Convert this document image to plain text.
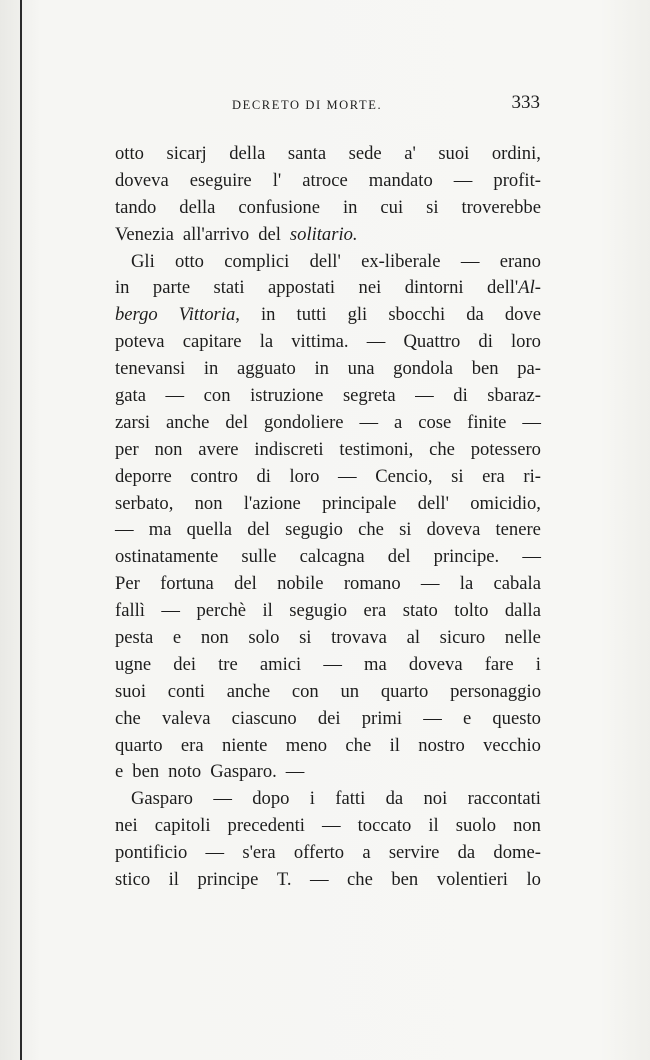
DECRETO DI MORTE.	333
otto sicarj della santa sede a' suoi ordini,
doveva eseguire l' atroce mandato — profit-
tando della confusione in cui si troverebbe
Venezia all'arrivo del solitario.
Gli otto complici dell' ex-liberale — erano
in parte stati appostati nei dintorni dell'Al-
bergo Vittoria, in tutti gli sbocchi da dove
poteva capitare la vittima. — Quattro di loro
tenevansi in agguato in una gondola ben pa-
gata — con istruzione segreta — di sbaraz-
zarsi anche del gondoliere — a cose finite —
per non avere indiscreti testimoni, che potessero
deporre contro di loro — Cencio, si era ri-
serbato, non l'azione principale dell' omicidio,
— ma quella del segugio che si doveva tenere
ostinatamente sulle calcagna del principe. —
Per fortuna del nobile romano — la cabala
fallì — perchè il segugio era stato tolto dalla
pesta e non solo si trovava al sicuro nelle
ugne dei tre amici — ma doveva fare i
suoi conti anche con un quarto personaggio
che valeva ciascuno dei primi — e questo
quarto era niente meno che il nostro vecchio
e ben noto Gasparo. —
Gasparo — dopo i fatti da noi raccontati
nei capitoli precedenti — toccato il suolo non
pontificio — s'era offerto a servire da dome-
stico il principe T. — che ben volentieri lo
